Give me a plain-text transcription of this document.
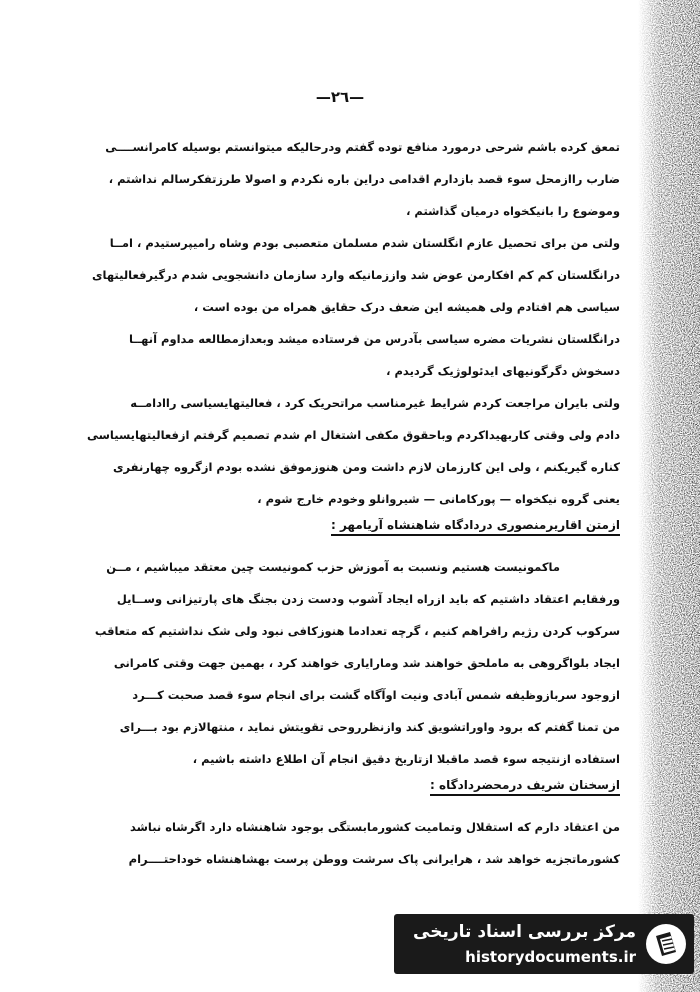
—٢٦—
تمعق کرده باشم شرحی درمورد منافع توده گفتم ودرحالیکه میتوانستم بوسیله کامرانســــی
ضارب راازمحل سوء قصد بازدارم اقدامی دراین باره نکردم و اصولا طرزتفکرسالم نداشتم ،
وموضوع را بانیکخواه درمیان گذاشتم ،
ولتی من برای تحصیل عازم انگلستان شدم مسلمان متعصبی بودم وشاه رامیپرستیدم ، امــا
درانگلستان کم کم افکارمن عوض شد واززمانیکه وارد سازمان دانشجویی شدم درگیرفعالیتهای
سیاسی هم افتادم ولی همیشه این ضعف درک حقایق همراه من بوده است ،
درانگلستان نشریات مضره سیاسی بآدرس من فرستاده میشد وبعدازمطالعه مداوم آنهــا
دسخوش دگرگونیهای ایدئولوژیک گردیدم ،
ولتی بایران مراجعت کردم شرایط غیرمناسب مراتحریک کرد ، فعالیتهایسیاسی راادامــه
دادم ولی وقتی کاربهیداکردم وباحقوق مکفی اشتغال ام شدم تصمیم گرفتم ازفعالیتهایسیاسی
کناره گیریکنم ، ولی این کارزمان لازم داشت ومن هنوزموفق نشده بودم ازگروه چهارنفری
یعنی گروه نیکخواه — پورکامانی — شیروانلو وخودم خارج شوم ،
ازمتن اقاریرمنصوری دردادگاه شاهنشاه آریامهر :
ماکمونیست هستیم ونسبت به آموزش حزب کمونیست چین معتقد میباشیم ، مــن
ورفقایم اعتقاد داشتیم که باید ازراه ایجاد آشوب ودست زدن بجنگ های پارتیزانی وســایل
سرکوب کردن رژیم رافراهم کنیم ، گرچه تعدادما هنوزکافی نبود ولی شک نداشتیم که متعاقب
ایجاد بلواگروهی به ماملحق خواهند شد ومارایاری خواهند کرد ، بهمین جهت وقتی کامرانی
ازوجود سربازوظیفه شمس آبادی ونیت اوآگاه گشت برای انجام سوء قصد صحبت کـــرد
من تمنا گفتم که برود واوراتشویق کند وازنظرروحی تقویتش نماید ، منتهالازم بود بـــرای
استفاده ازنتیجه سوء قصد ماقبلا ازتاریخ دقیق انجام آن اطلاع داشته باشیم ،
ازسخنان شریف درمحضردادگاه :
من اعتقاد دارم که استقلال وتمامیت کشورمابستگی بوجود شاهنشاه دارد اگرشاه نباشد
کشورماتجزیه خواهد شد ، هرایرانی پاک سرشت ووطن پرست بهشاهنشاه خوداحتــــرام
مرکز بررسی اسناد تاریخی
historydocuments.ir
